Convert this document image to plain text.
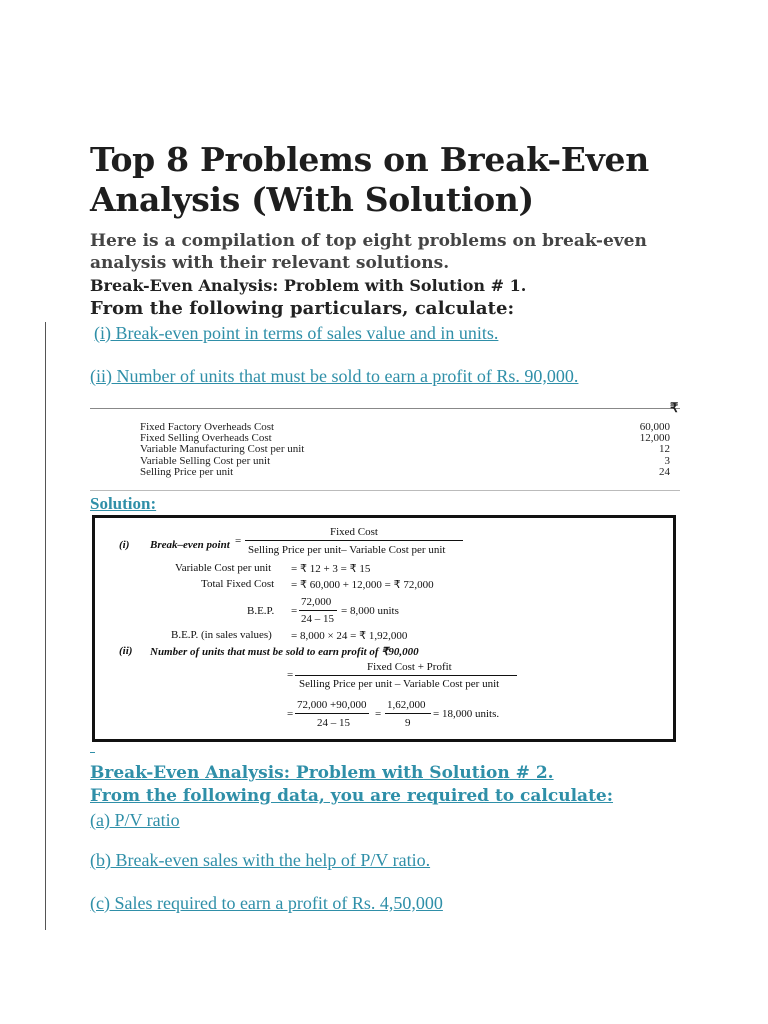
Top 8 Problems on Break-Even Analysis (With Solution)
Here is a compilation of top eight problems on break-even analysis with their relevant solutions.
Break-Even Analysis: Problem with Solution # 1.
From the following particulars, calculate:
(i) Break-even point in terms of sales value and in units.
(ii) Number of units that must be sold to earn a profit of Rs. 90,000.
₹
Fixed Factory Overheads Cost	60,000
Fixed Selling Overheads Cost	12,000
Variable Manufacturing Cost per unit	12
Variable Selling Cost per unit	3
Selling Price per unit	24
Solution:
(i) Break–even point =
Fixed Cost
Selling Price per unit– Variable Cost per unit
Variable Cost per unit = ₹ 12 + 3 = ₹ 15
Total Fixed Cost = ₹ 60,000 + 12,000 = ₹ 72,000
B.E.P. =
72,000
24 – 15
= 8,000 units
B.E.P. (in sales values) = 8,000 × 24 = ₹ 1,92,000
(ii) Number of units that must be sold to earn profit of ₹90,000
Fixed Cost + Profit
=
Selling Price per unit – Variable Cost per unit
=
72,000 +90,000
24 – 15
=
1,62,000
9
= 18,000 units.
Break-Even Analysis: Problem with Solution # 2.
From the following data, you are required to calculate:
(a) P/V ratio
(b) Break-even sales with the help of P/V ratio.
(c) Sales required to earn a profit of Rs. 4,50,000
